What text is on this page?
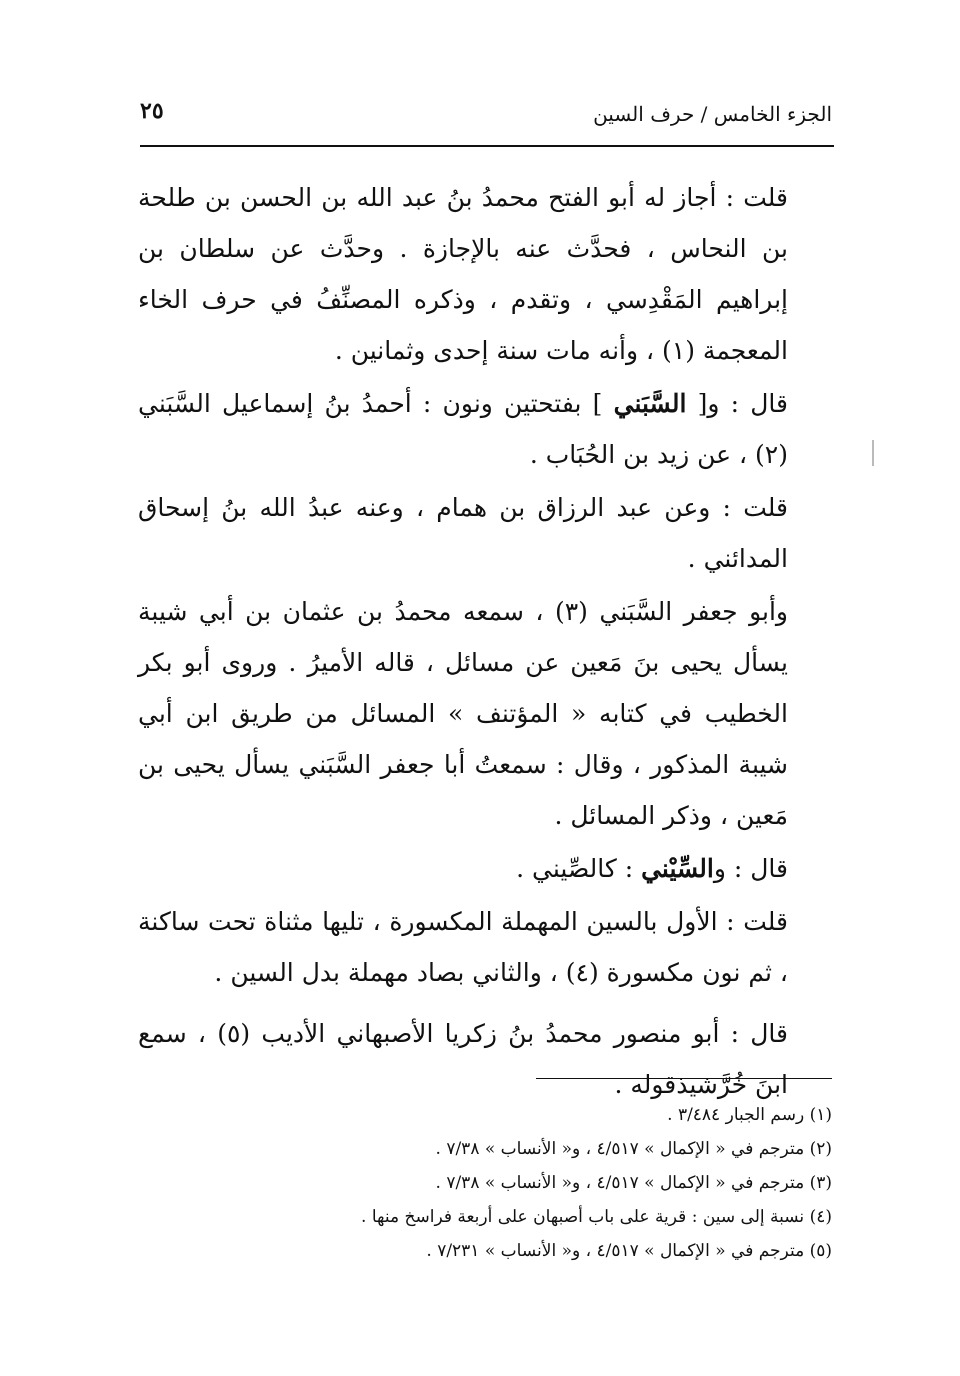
الجزء الخامس / حرف السين
٢٥

قلت : أجاز له أبو الفتح محمدُ بنُ عبد الله بن الحسن بن طلحة بن النحاس ، فحدَّث عنه بالإجازة . وحدَّث عن سلطان بن إبراهيم المَقْدِسي ، وتقدم ، وذكره المصنِّفُ في حرف الخاء المعجمة (١) ، وأنه مات سنة إحدى وثمانين .

قال : و[ السَّبَني ] بفتحتين ونون : أحمدُ بنُ إسماعيل السَّبَني (٢) ، عن زيد بن الحُبَاب .

قلت : وعن عبد الرزاق بن همام ، وعنه عبدُ الله بنُ إسحاق المدائني .

وأبو جعفر السَّبَني (٣) ، سمعه محمدُ بن عثمان بن أبي شيبة يسأل يحيى بنَ مَعين عن مسائل ، قاله الأميرُ . وروى أبو بكر الخطيب في كتابه « المؤتنف » المسائل من طريق ابن أبي شيبة المذكور ، وقال : سمعتُ أبا جعفر السَّبَني يسأل يحيى بن مَعين ، وذكر المسائل .

قال : والسِّيْني : كالصِّيني .

قلت : الأول بالسين المهملة المكسورة ، تليها مثناة تحت ساكنة ، ثم نون مكسورة (٤) ، والثاني بصاد مهملة بدل السين .

قال : أبو منصور محمدُ بنُ زكريا الأصبهاني الأديب (٥) ، سمع ابنَ خُرَّشيذقوله .

(١) رسم الجبار ٣/٤٨٤ .
(٢) مترجم في « الإكمال » ٤/٥١٧ ، و« الأنساب » ٧/٣٨ .
(٣) مترجم في « الإكمال » ٤/٥١٧ ، و« الأنساب » ٧/٣٨ .
(٤) نسبة إلى سين : قرية على باب أصبهان على أربعة فراسخ منها .
(٥) مترجم في « الإكمال » ٤/٥١٧ ، و« الأنساب » ٧/٢٣١ .
